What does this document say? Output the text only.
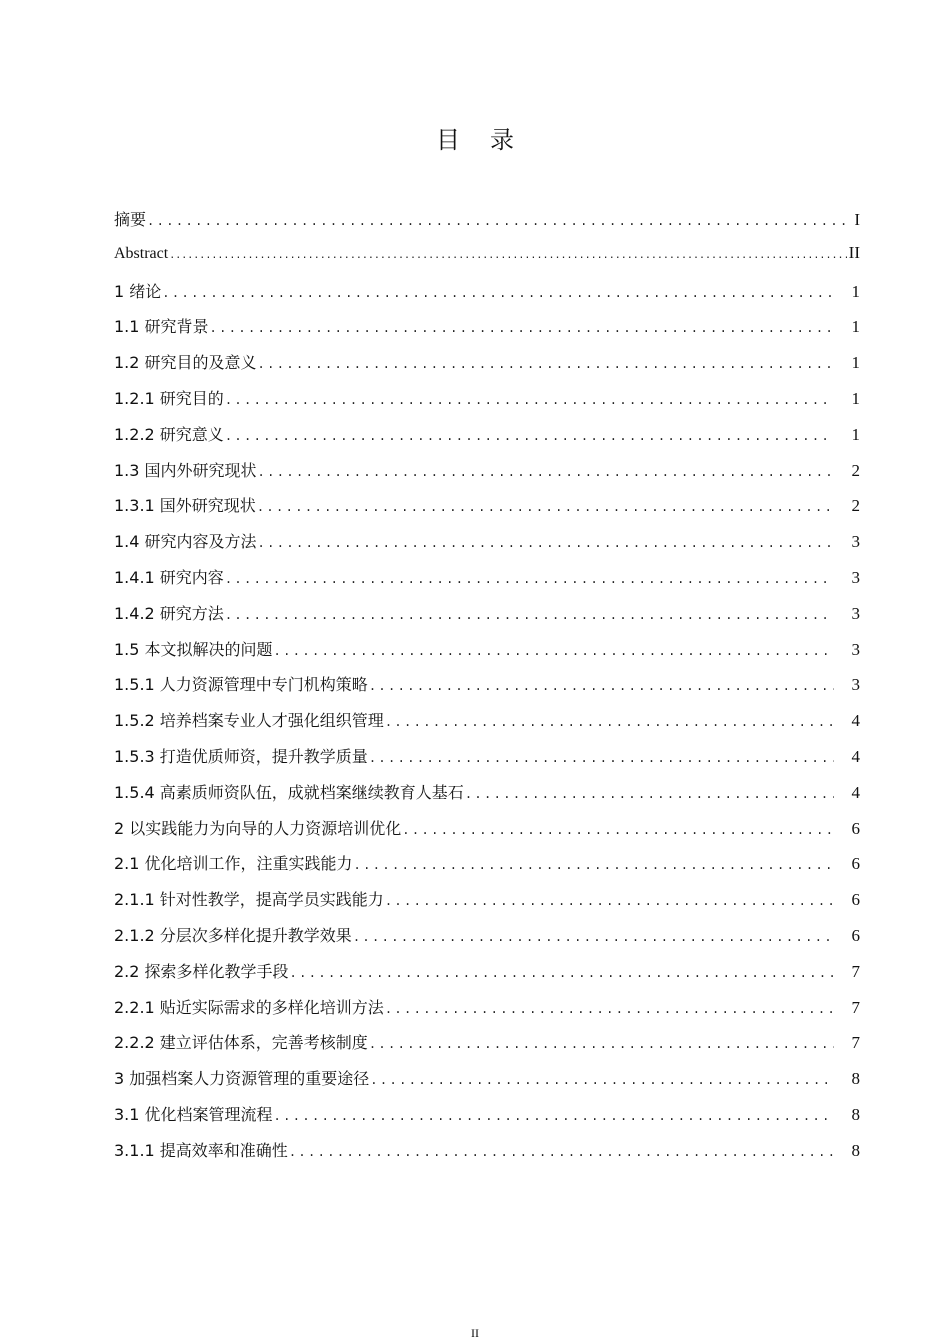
目 录
摘要 .....	I
Abstract .....	II
1 绪论 .....	1
1.1 研究背景 .....	1
1.2 研究目的及意义 .....	1
1.2.1 研究目的 .....	1
1.2.2 研究意义 .....	1
1.3 国内外研究现状 .....	2
1.3.1 国外研究现状 .....	2
1.4 研究内容及方法 .....	3
1.4.1 研究内容 .....	3
1.4.2 研究方法 .....	3
1.5 本文拟解决的问题 .....	3
1.5.1 人力资源管理中专门机构策略 .....	3
1.5.2 培养档案专业人才强化组织管理 .....	4
1.5.3 打造优质师资，提升教学质量 .....	4
1.5.4 高素质师资队伍，成就档案继续教育人基石 .....	4
2 以实践能力为向导的人力资源培训优化 .....	6
2.1 优化培训工作，注重实践能力 .....	6
2.1.1 针对性教学，提高学员实践能力 .....	6
2.1.2 分层次多样化提升教学效果 .....	6
2.2 探索多样化教学手段 .....	7
2.2.1 贴近实际需求的多样化培训方法 .....	7
2.2.2 建立评估体系，完善考核制度 .....	7
3 加强档案人力资源管理的重要途径 .....	8
3.1 优化档案管理流程 .....	8
3.1.1 提高效率和准确性 .....	8
II
